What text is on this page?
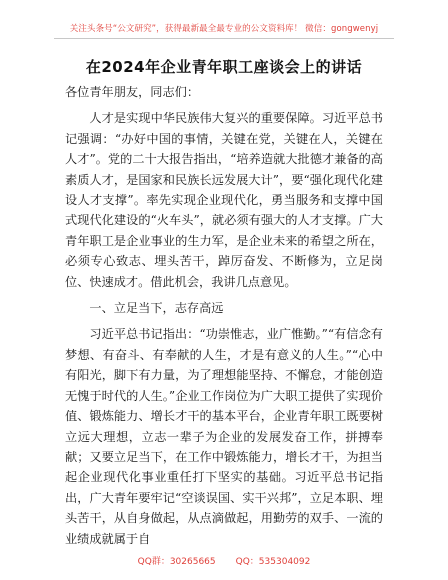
关注头条号“公文研究”，获得最新最全最专业的公文资料库！ 微信：gongwenyj
在2024年企业青年职工座谈会上的讲话

各位青年朋友，同志们：

人才是实现中华民族伟大复兴的重要保障。习近平总书记强调：“办好中国的事情，关键在党，关键在人，关键在人才”。党的二十大报告指出，“培养造就大批德才兼备的高素质人才，是国家和民族长远发展大计”，要“强化现代化建设人才支撑”。率先实现企业现代化，勇当服务和支撑中国式现代化建设的“火车头”，就必须有强大的人才支撑。广大青年职工是企业事业的生力军，是企业未来的希望之所在，必须专心致志、埋头苦干，踔厉奋发、不断修为，立足岗位、快速成才。借此机会，我讲几点意见。

一、立足当下，志存高远

习近平总书记指出：“功崇惟志，业广惟勤。”“有信念有梦想、有奋斗、有奉献的人生，才是有意义的人生。”“心中有阳光，脚下有力量，为了理想能坚持、不懈怠，才能创造无愧于时代的人生。”企业工作岗位为广大职工提供了实现价值、锻炼能力、增长才干的基本平台，企业青年职工既要树立远大理想，立志一辈子为企业的发展发奋工作，拼搏奉献；又要立足当下，在工作中锻炼能力，增长才干，为担当起企业现代化事业重任打下坚实的基础。习近平总书记指出，广大青年要牢记“空谈误国、实干兴邦”，立足本职、埋头苦干，从自身做起，从点滴做起，用勤劳的双手、一流的业绩成就属于自

QQ群：30265665 QQ：535304092
